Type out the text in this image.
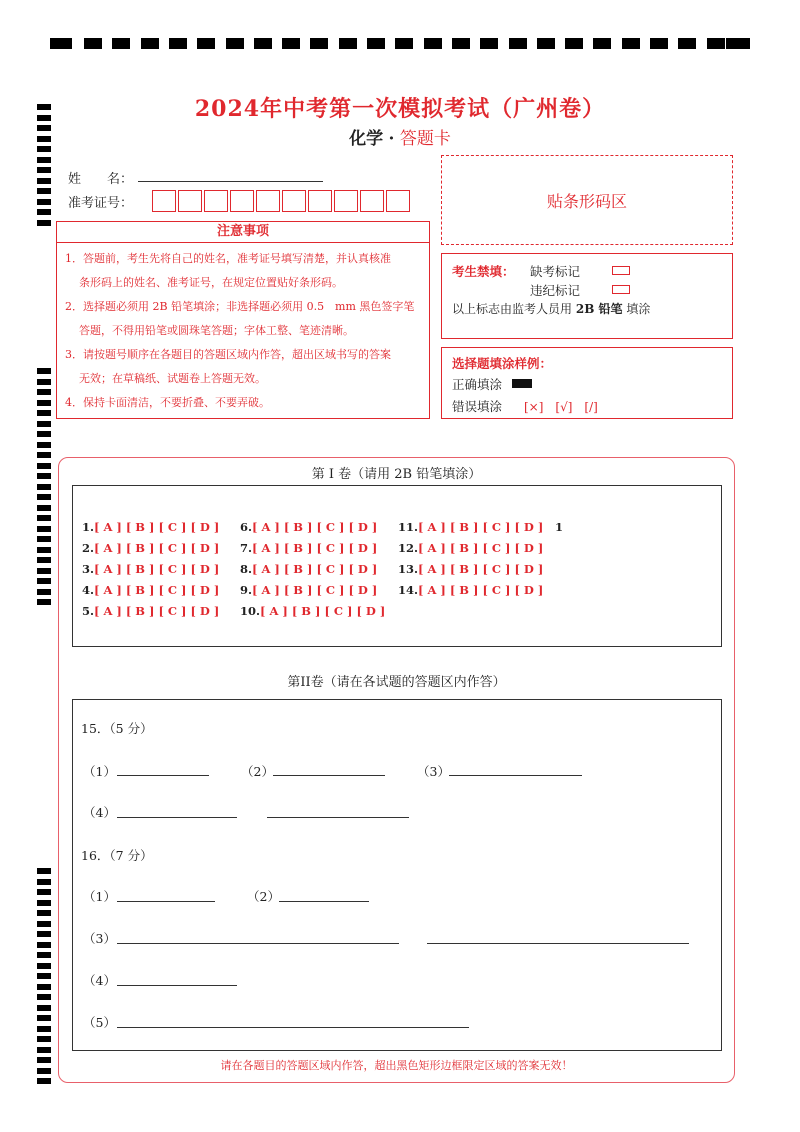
2024年中考第一次模拟考试（广州卷）
化学 · 答题卡
姓　　名：
准考证号：	贴条形码区
注意事项
1．答题前，考生先将自己的姓名，准考证号填写清楚，并认真核准
条形码上的姓名、准考证号，在规定位置贴好条形码。
2．选择题必须用 2B 铅笔填涂；非选择题必须用 0.5　mm 黑色签字笔
答题，不得用铅笔或圆珠笔答题；字体工整、笔迹清晰。
3．请按题号顺序在各题目的答题区域内作答，超出区域书写的答案
无效；在草稿纸、试题卷上答题无效。
4．保持卡面清洁，不要折叠、不要弄破。
考生禁填： 缺考标记
违纪标记
以上标志由监考人员用 2B 铅笔 填涂
选择题填涂样例：
正确填涂
错误填涂 [×]　[√]　[/]
第 I 卷（请用 2B 铅笔填涂）
1.[ A ] [ B ] [ C ] [ D ]
2.[ A ] [ B ] [ C ] [ D ]
3.[ A ] [ B ] [ C ] [ D ]
4.[ A ] [ B ] [ C ] [ D ]
5.[ A ] [ B ] [ C ] [ D ]
6.[ A ] [ B ] [ C ] [ D ]
7.[ A ] [ B ] [ C ] [ D ]
8.[ A ] [ B ] [ C ] [ D ]
9.[ A ] [ B ] [ C ] [ D ]
10.[ A ] [ B ] [ C ] [ D ]
11.[ A ] [ B ] [ C ] [ D ]
12.[ A ] [ B ] [ C ] [ D ]
13.[ A ] [ B ] [ C ] [ D ]
14.[ A ] [ B ] [ C ] [ D ]
1
第II卷（请在各试题的答题区内作答）
15．（5 分）
（1）	（2）	（3）
（4）
16．（7 分）
（1）	（2）
（3）
（4）
（5）
请在各题目的答题区域内作答，超出黑色矩形边框限定区域的答案无效！
